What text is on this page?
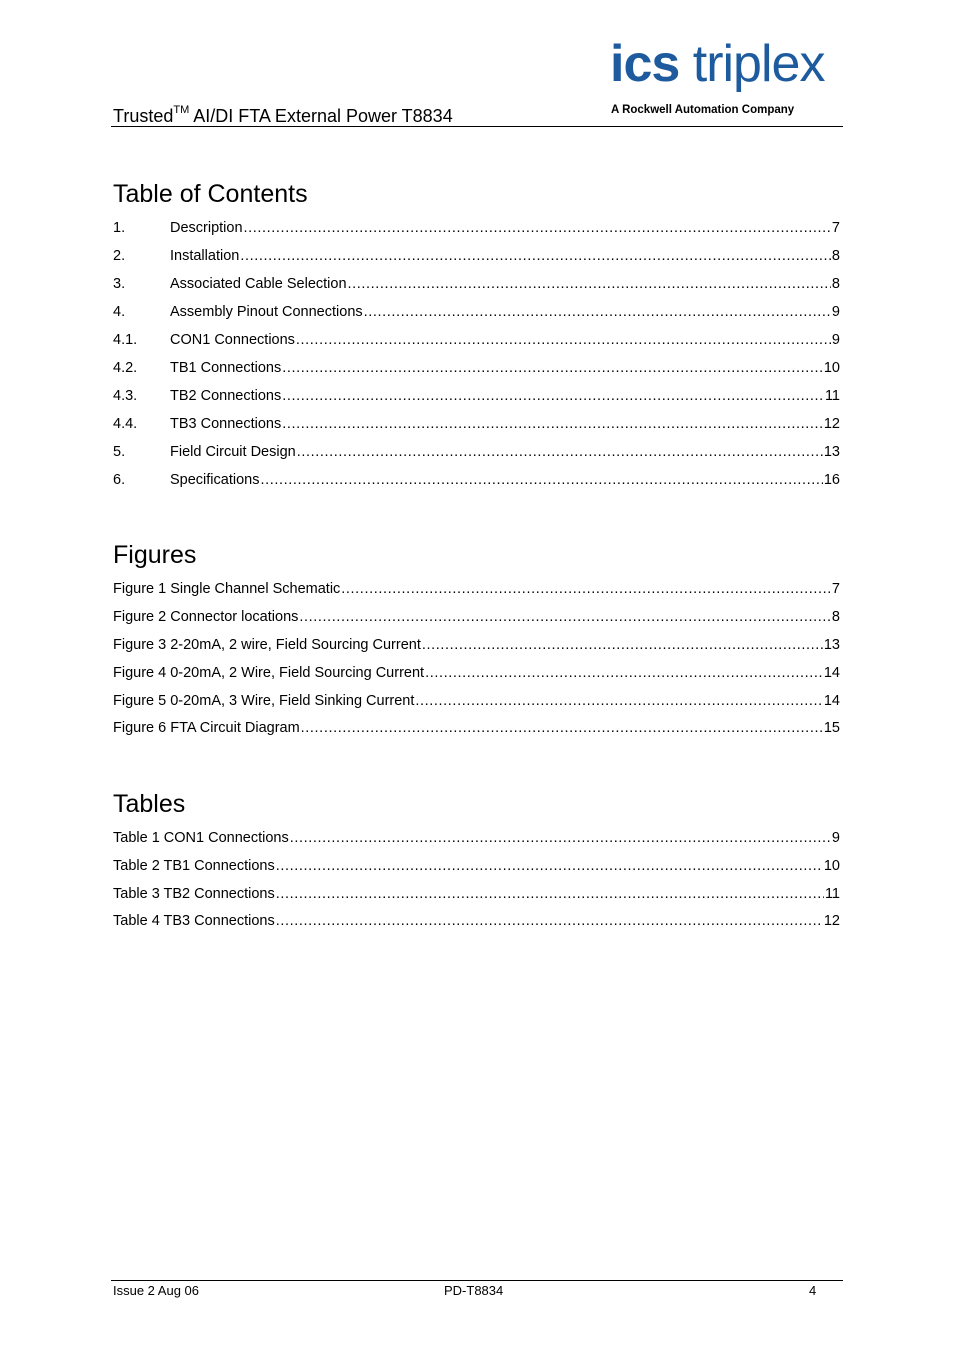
Trusted™ AI/DI FTA External Power T8834
ics triplex
A Rockwell Automation Company
Table of Contents
1.	Description .....	7
2.	Installation .....	8
3.	Associated Cable Selection .....	8
4.	Assembly Pinout Connections .....	9
4.1.	CON1 Connections .....	9
4.2.	TB1 Connections .....	10
4.3.	TB2 Connections .....	11
4.4.	TB3 Connections .....	12
5.	Field Circuit Design .....	13
6.	Specifications .....	16
Figures
Figure 1 Single Channel Schematic .....	7
Figure 2 Connector locations .....	8
Figure 3 2-20mA, 2 wire, Field Sourcing Current .....	13
Figure 4 0-20mA, 2 Wire, Field Sourcing Current .....	14
Figure 5 0-20mA, 3 Wire, Field Sinking Current .....	14
Figure 6 FTA Circuit Diagram .....	15
Tables
Table 1 CON1 Connections .....	9
Table 2 TB1 Connections .....	10
Table 3 TB2 Connections .....	11
Table 4 TB3 Connections .....	12
Issue 2 Aug 06	PD-T8834	4
